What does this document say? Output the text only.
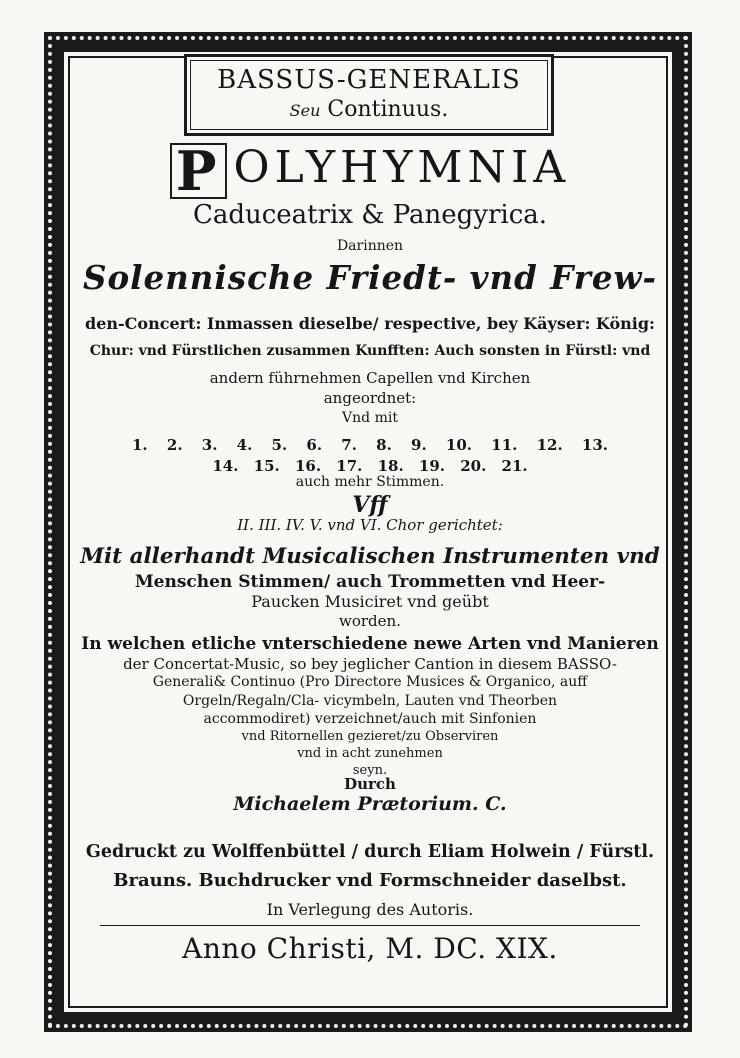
BASSUS-GENERALIS
Seu Continuus.
P OLYHYMNIA
Caduceatrix & Panegyrica.
Darinnen
Solennische Friedt- vnd Frew-
den-Concert: Inmassen dieselbe/ respective, bey Käyser: König:
Chur: vnd Fürstlichen zusammen Kunfften: Auch sonsten in Fürstl: vnd
andern führnehmen Capellen vnd Kirchen
angeordnet:
Vnd mit
1. 2. 3. 4. 5. 6. 7. 8. 9. 10. 11. 12. 13.
14. 15. 16. 17. 18. 19. 20. 21.
auch mehr Stimmen.
Vff
II. III. IV. V. vnd VI. Chor gerichtet:
Mit allerhandt Musicalischen Instrumenten vnd
Menschen Stimmen/ auch Trommetten vnd Heer-
Paucken Musiciret vnd geübt
worden.
In welchen etliche vnterschiedene newe Arten vnd Manieren
der Concertat-Music, so bey jeglicher Cantion in diesem BASSO-
Generali& Continuo (Pro Directore Musices & Organico, auff
Orgeln/Regaln/Cla- vicymbeln, Lauten vnd Theorben
accommodiret) verzeichnet/auch mit Sinfonien
vnd Ritornellen gezieret/zu Observiren
vnd in acht zunehmen
seyn.
Durch
Michaelem Prætorium. C.
Gedruckt zu Wolffenbüttel / durch Eliam Holwein / Fürstl.
Brauns. Buchdrucker vnd Formschneider daselbst.
In Verlegung des Autoris.
Anno Christi, M. DC. XIX.
